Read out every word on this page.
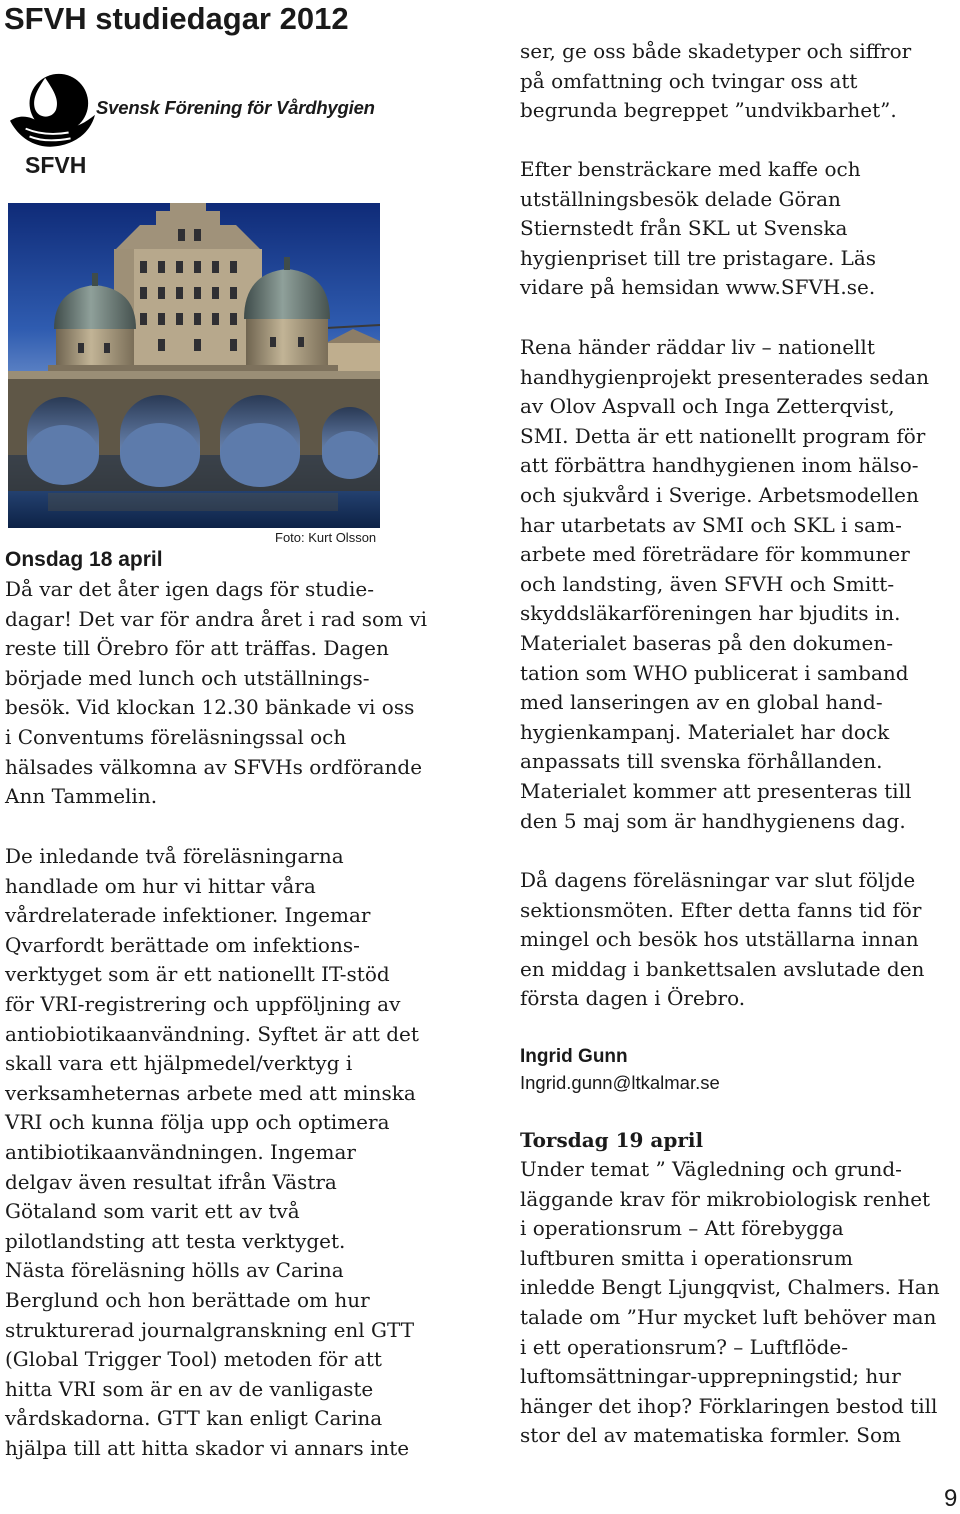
SFVH studiedagar 2012
Svensk Förening för Vårdhygien
SFVH
Foto: Kurt Olsson
Onsdag 18 april
Då var det åter igen dags för studie-
dagar! Det var för andra året i rad som vi
reste till Örebro för att träffas. Dagen
började med lunch och utställnings-
besök. Vid klockan 12.30 bänkade vi oss
i Conventums föreläsningssal och
hälsades välkomna av SFVHs ordförande
Ann Tammelin.
De inledande två föreläsningarna
handlade om hur vi hittar våra
vårdrelaterade infektioner. Ingemar
Qvarfordt berättade om infektions-
verktyget som är ett nationellt IT-stöd
för VRI-registrering och uppföljning av
antiobiotikaanvändning. Syftet är att det
skall vara ett hjälpmedel/verktyg i
verksamheternas arbete med att minska
VRI och kunna följa upp och optimera
antibiotikaanvändningen. Ingemar
delgav även resultat ifrån Västra
Götaland som varit ett av två
pilotlandsting att testa verktyget.
Nästa föreläsning hölls av Carina
Berglund och hon berättade om hur
strukturerad journalgranskning enl GTT
(Global Trigger Tool) metoden för att
hitta VRI som är en av de vanligaste
vårdskadorna. GTT kan enligt Carina
hjälpa till att hitta skador vi annars inte
ser, ge oss både skadetyper och siffror
på omfattning och tvingar oss att
begrunda begreppet ”undvikbarhet”.
Efter bensträckare med kaffe och
utställningsbesök delade Göran
Stiernstedt från SKL ut Svenska
hygienpriset till tre pristagare. Läs
vidare på hemsidan www.SFVH.se.
Rena händer räddar liv – nationellt
handhygienprojekt presenterades sedan
av Olov Aspvall och Inga Zetterqvist,
SMI. Detta är ett nationellt program för
att förbättra handhygienen inom hälso-
och sjukvård i Sverige. Arbetsmodellen
har utarbetats av SMI och SKL i sam-
arbete med företrädare för kommuner
och landsting, även SFVH och Smitt-
skyddsläkarföreningen har bjudits in.
Materialet baseras på den dokumen-
tation som WHO publicerat i samband
med lanseringen av en global hand-
hygienkampanj. Materialet har dock
anpassats till svenska förhållanden.
Materialet kommer att presenteras till
den 5 maj som är handhygienens dag.
Då dagens föreläsningar var slut följde
sektionsmöten. Efter detta fanns tid för
mingel och besök hos utställarna innan
en middag i bankettsalen avslutade den
första dagen i Örebro.
Ingrid Gunn
Ingrid.gunn@ltkalmar.se
Torsdag 19 april
Under temat ” Vägledning och grund-
läggande krav för mikrobiologisk renhet
i operationsrum – Att förebygga
luftburen smitta i operationsrum
inledde Bengt Ljungqvist, Chalmers. Han
talade om ”Hur mycket luft behöver man
i ett operationsrum? – Luftflöde-
luftomsättningar-upprepningstid; hur
hänger det ihop? Förklaringen bestod till
stor del av matematiska formler. Som
9
